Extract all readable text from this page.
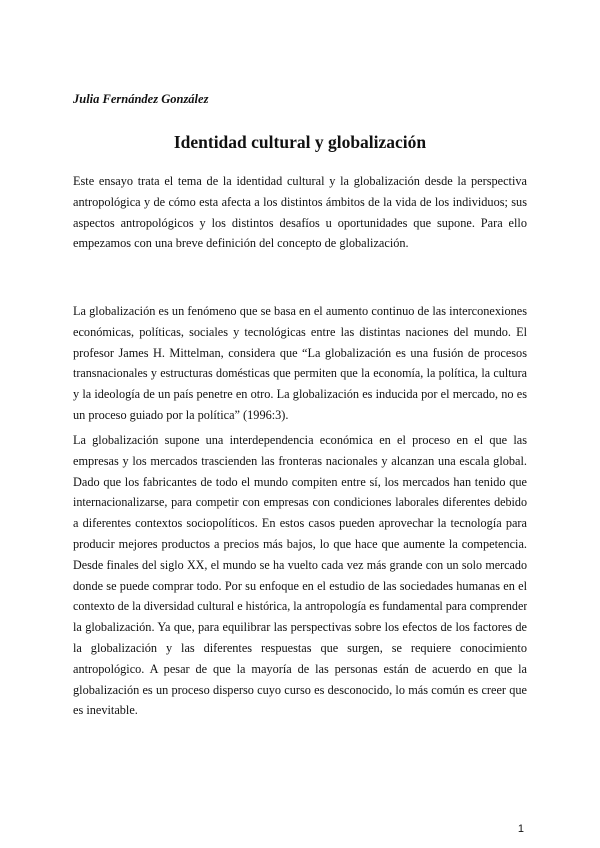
Julia Fernández González
Identidad cultural y globalización
Este ensayo trata el tema de la identidad cultural y la globalización desde la perspectiva
antropológica y de cómo esta afecta a los distintos ámbitos de la vida de los individuos; sus
aspectos antropológicos y los distintos desafíos u oportunidades que supone. Para ello
empezamos con una breve definición del concepto de globalización.
La globalización es un fenómeno que se basa en el aumento continuo de las interconexiones
económicas, políticas, sociales y tecnológicas entre las distintas naciones del mundo. El
profesor James H. Mittelman, considera que “La globalización es una fusión de procesos
transnacionales y estructuras domésticas que permiten que la economía, la política, la cultura
y la ideología de un país penetre en otro. La globalización es inducida por el mercado, no es
un proceso guiado por la política” (1996:3).
La globalización supone una interdependencia económica en el proceso en el que las
empresas y los mercados trascienden las fronteras nacionales y alcanzan una escala global.
Dado que los fabricantes de todo el mundo compiten entre sí, los mercados han tenido que
internacionalizarse, para competir con empresas con condiciones laborales diferentes debido
a diferentes contextos sociopolíticos. En estos casos pueden aprovechar la tecnología para
producir mejores productos a precios más bajos, lo que hace que aumente la competencia.
Desde finales del siglo XX, el mundo se ha vuelto cada vez más grande con un solo mercado
donde se puede comprar todo. Por su enfoque en el estudio de las sociedades humanas en el
contexto de la diversidad cultural e histórica, la antropología es fundamental para comprender
la globalización. Ya que, para equilibrar las perspectivas sobre los efectos de los factores de
la globalización y las diferentes respuestas que surgen, se requiere conocimiento
antropológico. A pesar de que la mayoría de las personas están de acuerdo en que la
globalización es un proceso disperso cuyo curso es desconocido, lo más común es creer que
es inevitable.
1
